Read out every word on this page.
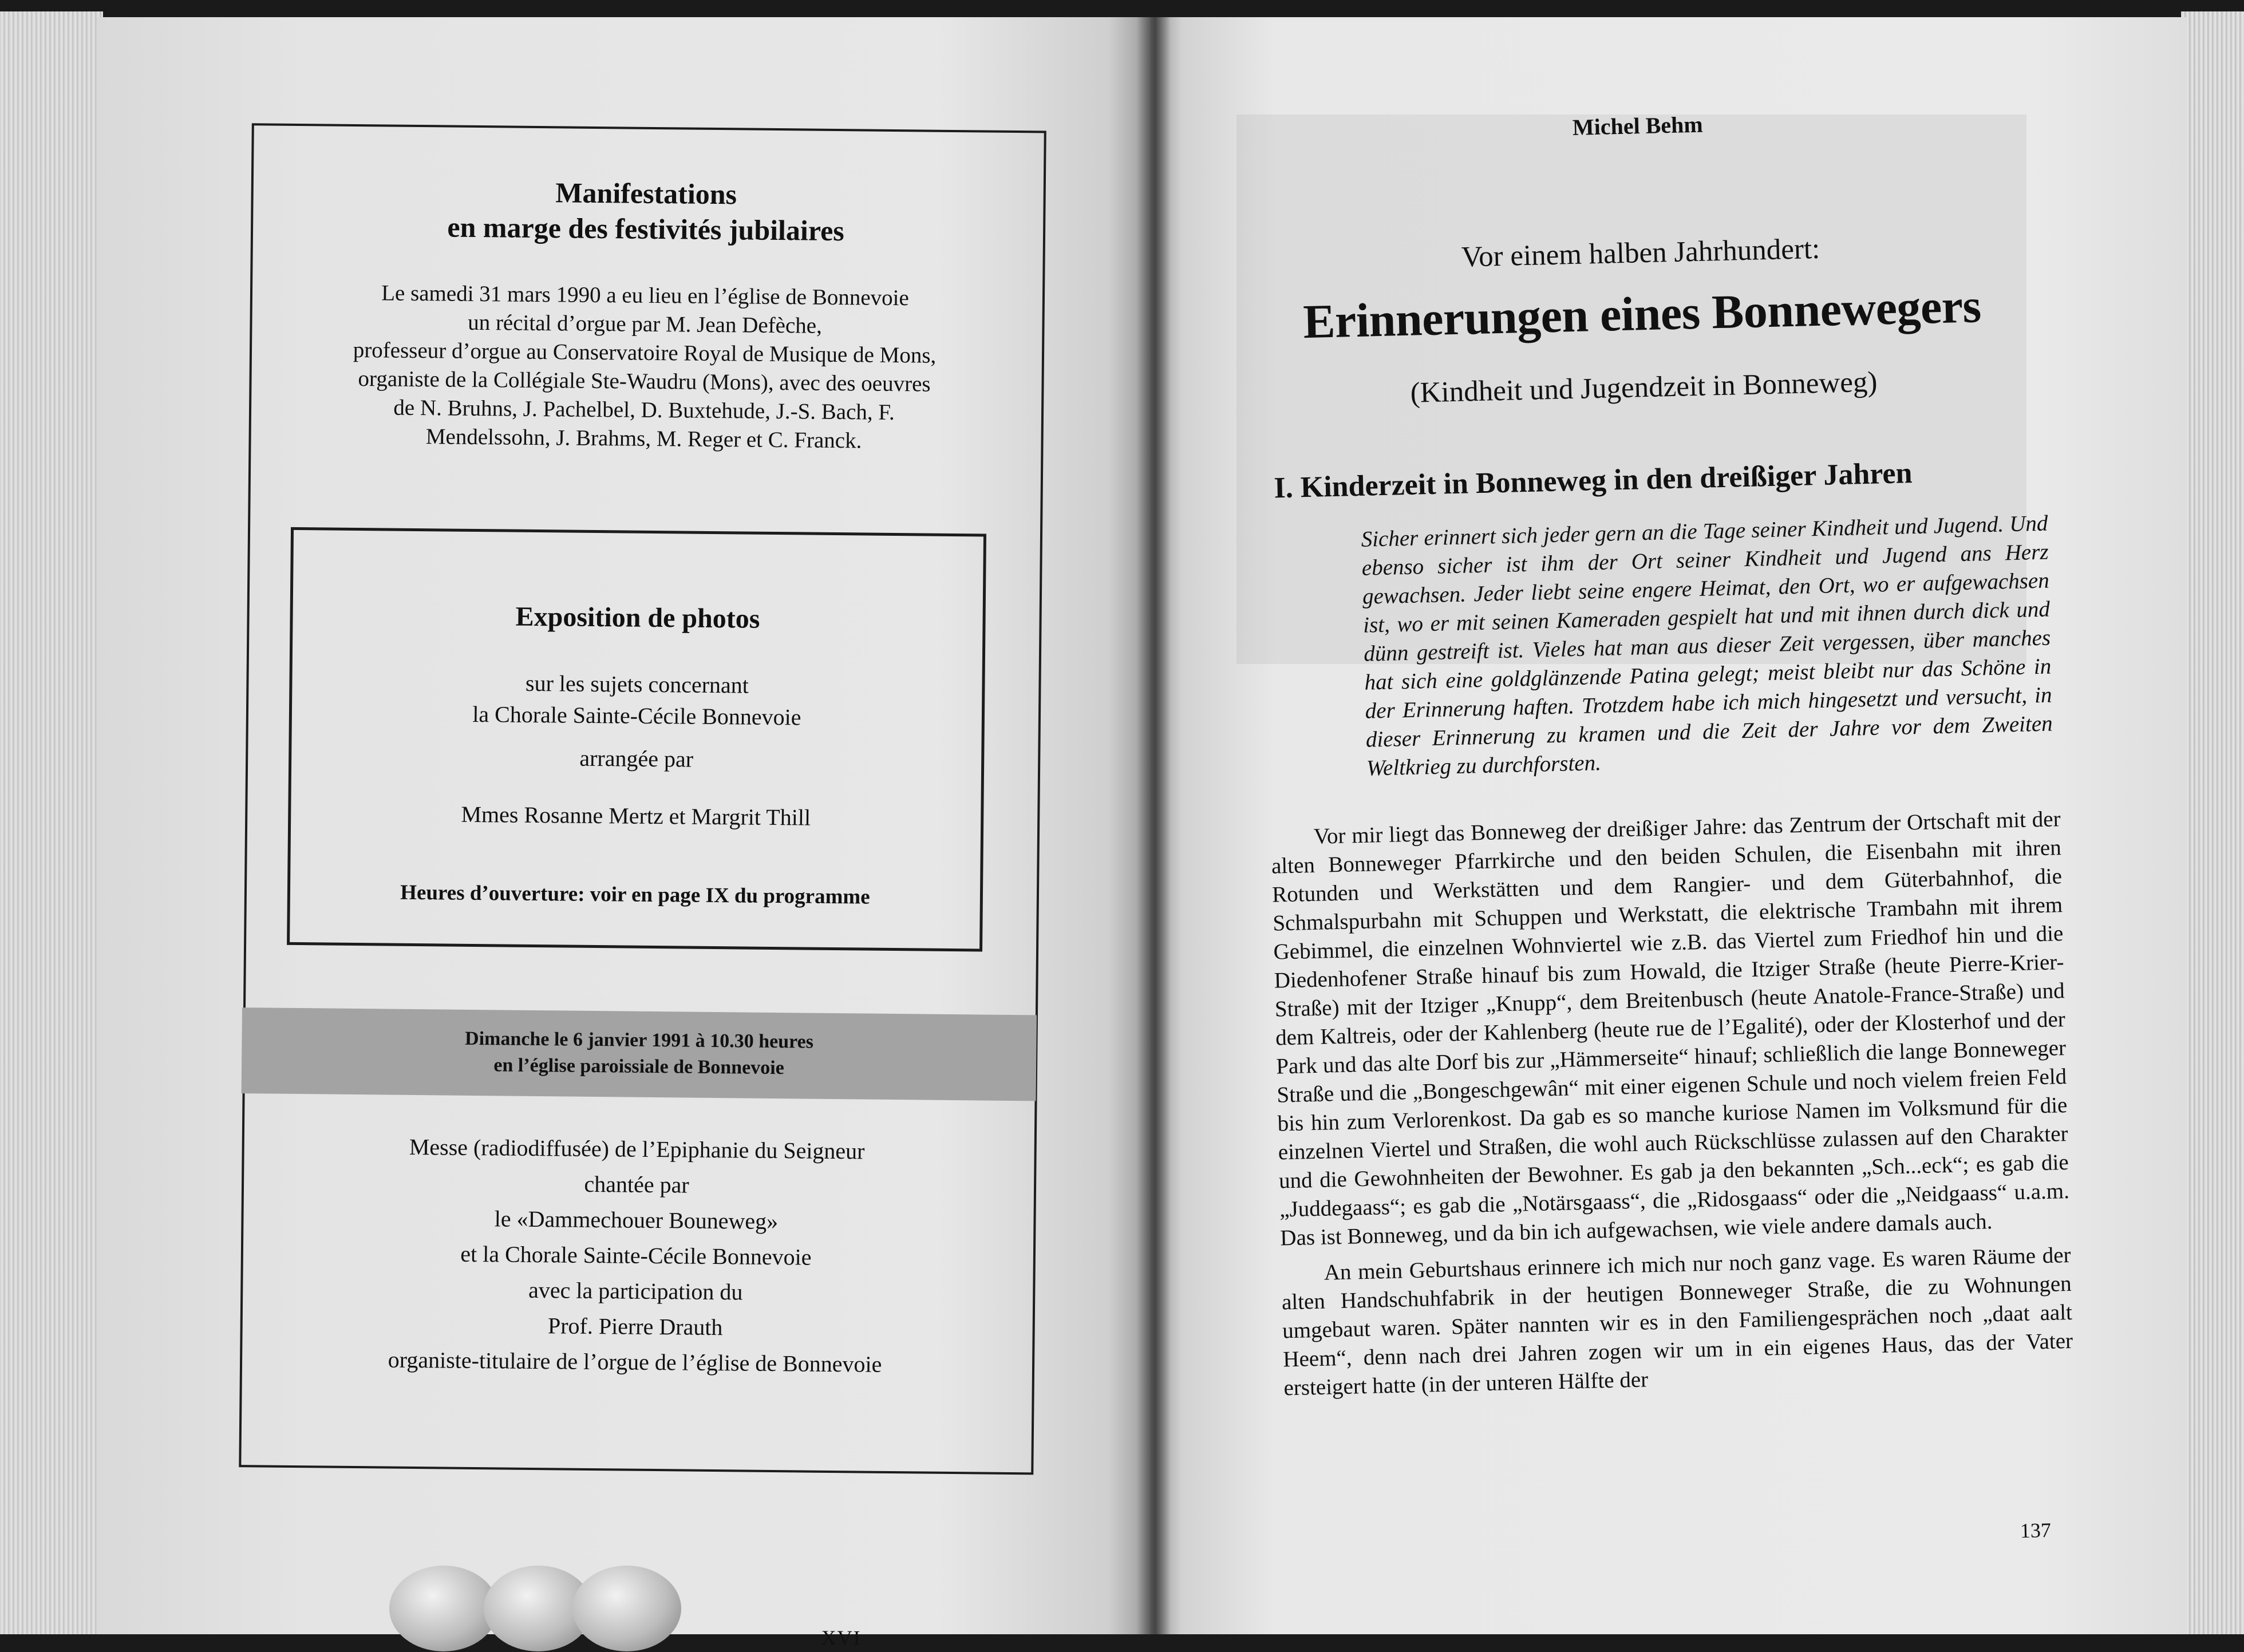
Manifestations
en marge des festivités jubilaires
Le samedi 31 mars 1990 a eu lieu en l’église de Bonnevoie
un récital d’orgue par M. Jean Defèche,
professeur d’orgue au Conservatoire Royal de Musique de Mons,
organiste de la Collégiale Ste-Waudru (Mons), avec des oeuvres
de N. Bruhns, J. Pachelbel, D. Buxtehude, J.-S. Bach, F.
Mendelssohn, J. Brahms, M. Reger et C. Franck.
Exposition de photos
sur les sujets concernant
la Chorale Sainte-Cécile Bonnevoie
arrangée par
Mmes Rosanne Mertz et Margrit Thill
Heures d’ouverture: voir en page IX du programme
Dimanche le 6 janvier 1991 à 10.30 heures
en l’église paroissiale de Bonnevoie
Messe (radiodiffusée) de l’Epiphanie du Seigneur
chantée par
le «Dammechouer Bouneweg»
et la Chorale Sainte-Cécile Bonnevoie
avec la participation du
Prof. Pierre Drauth
organiste-titulaire de l’orgue de l’église de Bonnevoie
XVI
Michel Behm
Vor einem halben Jahrhundert:
Erinnerungen eines Bonnewegers
(Kindheit und Jugendzeit in Bonneweg)
I. Kinderzeit in Bonneweg in den dreißiger Jahren
Sicher erinnert sich jeder gern an die Tage seiner Kindheit und Jugend. Und ebenso sicher ist ihm der Ort seiner Kindheit und Jugend ans Herz gewachsen. Jeder liebt seine engere Heimat, den Ort, wo er aufgewachsen ist, wo er mit seinen Kameraden gespielt hat und mit ihnen durch dick und dünn gestreift ist. Vieles hat man aus dieser Zeit vergessen, über manches hat sich eine goldglänzende Patina gelegt; meist bleibt nur das Schöne in der Erinnerung haften. Trotzdem habe ich mich hingesetzt und versucht, in dieser Erinnerung zu kramen und die Zeit der Jahre vor dem Zweiten Weltkrieg zu durchforsten.

Vor mir liegt das Bonneweg der dreißiger Jahre: das Zentrum der Ortschaft mit der alten Bonneweger Pfarrkirche und den beiden Schulen, die Eisenbahn mit ihren Rotunden und Werkstätten und dem Rangier- und dem Güterbahnhof, die Schmalspurbahn mit Schuppen und Werkstatt, die elektrische Trambahn mit ihrem Gebimmel, die einzelnen Wohnviertel wie z.B. das Viertel zum Friedhof hin und die Diedenhofener Straße hinauf bis zum Howald, die Itziger Straße (heute Pierre-Krier-Straße) mit der Itziger „Knupp“, dem Breitenbusch (heute Anatole-France-Straße) und dem Kaltreis, oder der Kahlenberg (heute rue de l’Egalité), oder der Klosterhof und der Park und das alte Dorf bis zur „Hämmerseite“ hinauf; schließlich die lange Bonneweger Straße und die „Bongeschgewân“ mit einer eigenen Schule und noch vielem freien Feld bis hin zum Verlorenkost. Da gab es so manche kuriose Namen im Volksmund für die einzelnen Viertel und Straßen, die wohl auch Rückschlüsse zulassen auf den Charakter und die Gewohnheiten der Bewohner. Es gab ja den bekannten „Sch...eck“; es gab die „Juddegaass“; es gab die „Notärsgaass“, die „Ridosgaass“ oder die „Neidgaass“ u.a.m. Das ist Bonneweg, und da bin ich aufgewachsen, wie viele andere damals auch.

An mein Geburtshaus erinnere ich mich nur noch ganz vage. Es waren Räume der alten Handschuhfabrik in der heutigen Bonneweger Straße, die zu Wohnungen umgebaut waren. Später nannten wir es in den Familiengesprächen noch „daat aalt Heem“, denn nach drei Jahren zogen wir um in ein eigenes Haus, das der Vater ersteigert hatte (in der unteren Hälfte der

137
